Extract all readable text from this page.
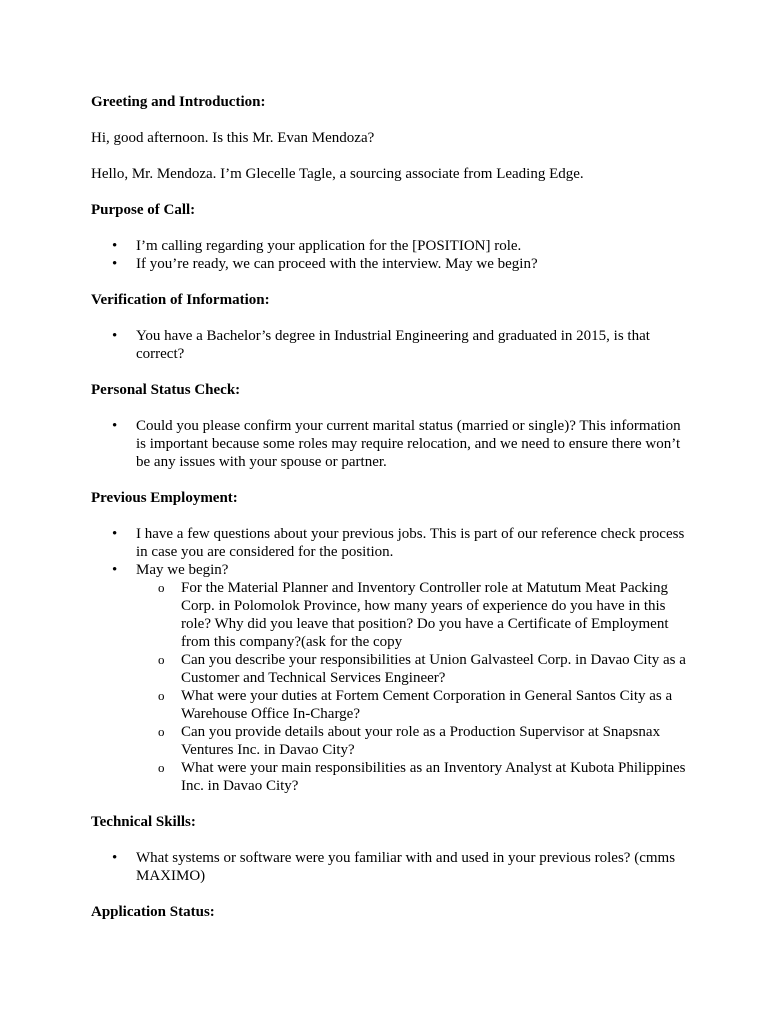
Greeting and Introduction:
Hi, good afternoon. Is this Mr. Evan Mendoza?
Hello, Mr. Mendoza. I’m Glecelle Tagle, a sourcing associate from Leading Edge.
Purpose of Call:
• I’m calling regarding your application for the [POSITION] role.
• If you’re ready, we can proceed with the interview. May we begin?
Verification of Information:
• You have a Bachelor’s degree in Industrial Engineering and graduated in 2015, is that correct?
Personal Status Check:
• Could you please confirm your current marital status (married or single)? This information is important because some roles may require relocation, and we need to ensure there won’t be any issues with your spouse or partner.
Previous Employment:
• I have a few questions about your previous jobs. This is part of our reference check process in case you are considered for the position.
• May we begin?
o For the Material Planner and Inventory Controller role at Matutum Meat Packing Corp. in Polomolok Province, how many years of experience do you have in this role? Why did you leave that position? Do you have a Certificate of Employment from this company?(ask for the copy
o Can you describe your responsibilities at Union Galvasteel Corp. in Davao City as a Customer and Technical Services Engineer?
o What were your duties at Fortem Cement Corporation in General Santos City as a Warehouse Office In-Charge?
o Can you provide details about your role as a Production Supervisor at Snapsnax Ventures Inc. in Davao City?
o What were your main responsibilities as an Inventory Analyst at Kubota Philippines Inc. in Davao City?
Technical Skills:
• What systems or software were you familiar with and used in your previous roles? (cmms MAXIMO)
Application Status:
